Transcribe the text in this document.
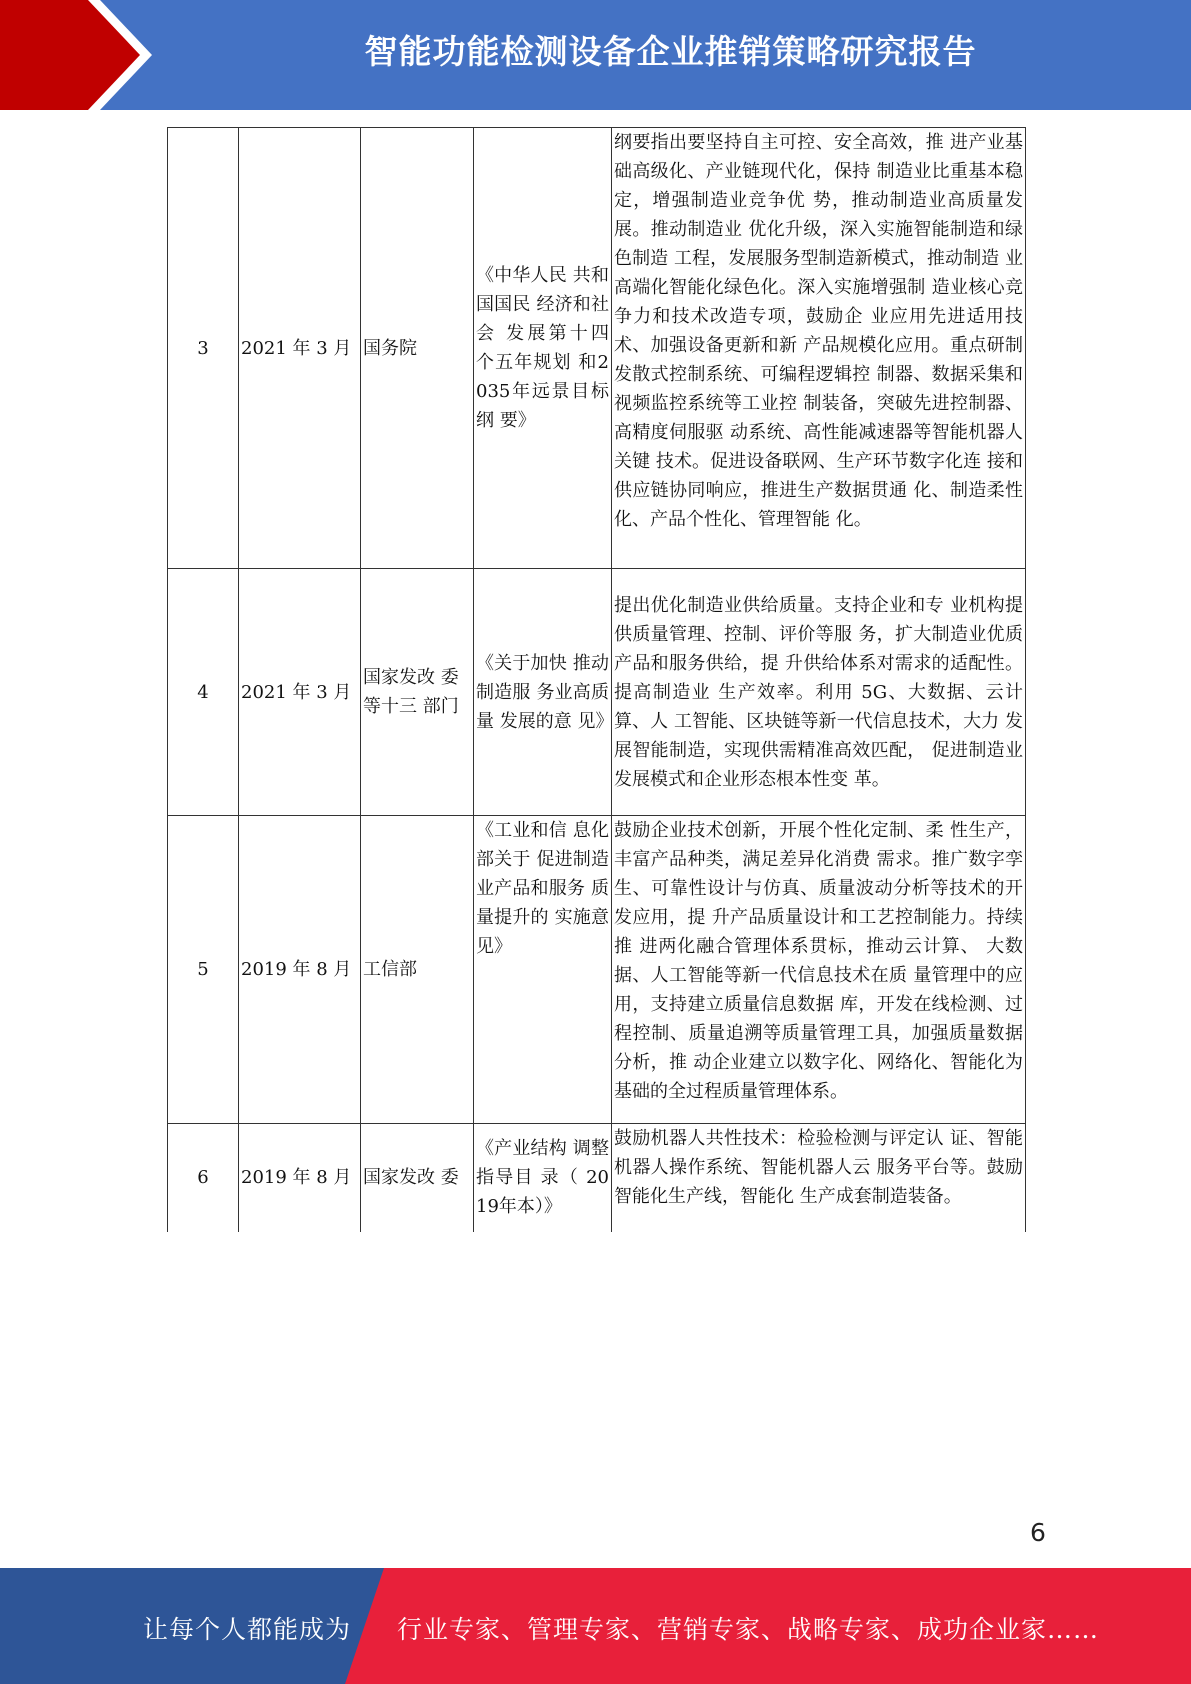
智能功能检测设备企业推销策略研究报告
3	2021 年 3 月	国务院	《中华人民 共和国国民 经济和社会 发展第十四 个五年规划 和2035年远景目标纲 要》	纲要指出要坚持自主可控、安全高效，推 进产业基础高级化、产业链现代化，保持 制造业比重基本稳定，增强制造业竞争优 势，推动制造业高质量发展。推动制造业 优化升级，深入实施智能制造和绿色制造 工程，发展服务型制造新模式，推动制造 业高端化智能化绿色化。深入实施增强制 造业核心竞争力和技术改造专项，鼓励企 业应用先进适用技术、加强设备更新和新 产品规模化应用。重点研制发散式控制系统、可编程逻辑控 制器、数据采集和视频监控系统等工业控 制装备，突破先进控制器、高精度伺服驱 动系统、高性能减速器等智能机器人关键 技术。促进设备联网、生产环节数字化连 接和供应链协同响应，推进生产数据贯通 化、制造柔性化、产品个性化、管理智能 化。
4	2021 年 3 月	国家发改 委等十三 部门	《关于加快 推动制造服 务业高质量 发展的意 见》	提出优化制造业供给质量。支持企业和专 业机构提供质量管理、控制、评价等服 务，扩大制造业优质产品和服务供给，提 升供给体系对需求的适配性。提高制造业 生产效率。利用 5G、大数据、云计算、人 工智能、区块链等新一代信息技术，大力 发展智能制造，实现供需精准高效匹配， 促进制造业发展模式和企业形态根本性变 革。
5	2019 年 8 月	工信部	《工业和信 息化部关于 促进制造业产品和服务 质量提升的 实施意见》	鼓励企业技术创新，开展个性化定制、柔 性生产，丰富产品种类，满足差异化消费 需求。推广数字孪生、可靠性设计与仿真、质量波动分析等技术的开发应用，提 升产品质量设计和工艺控制能力。持续推 进两化融合管理体系贯标，推动云计算、 大数据、人工智能等新一代信息技术在质 量管理中的应用，支持建立质量信息数据 库，开发在线检测、过程控制、质量追溯等质量管理工具，加强质量数据分析，推 动企业建立以数字化、网络化、智能化为 基础的全过程质量管理体系。
6	2019 年 8 月	国家发改 委	《产业结构 调整指导目 录（ 2019年本）》	鼓励机器人共性技术：检验检测与评定认 证、智能机器人操作系统、智能机器人云 服务平台等。鼓励智能化生产线，智能化 生产成套制造装备。
6
让每个人都能成为 行业专家、管理专家、营销专家、战略专家、成功企业家……
